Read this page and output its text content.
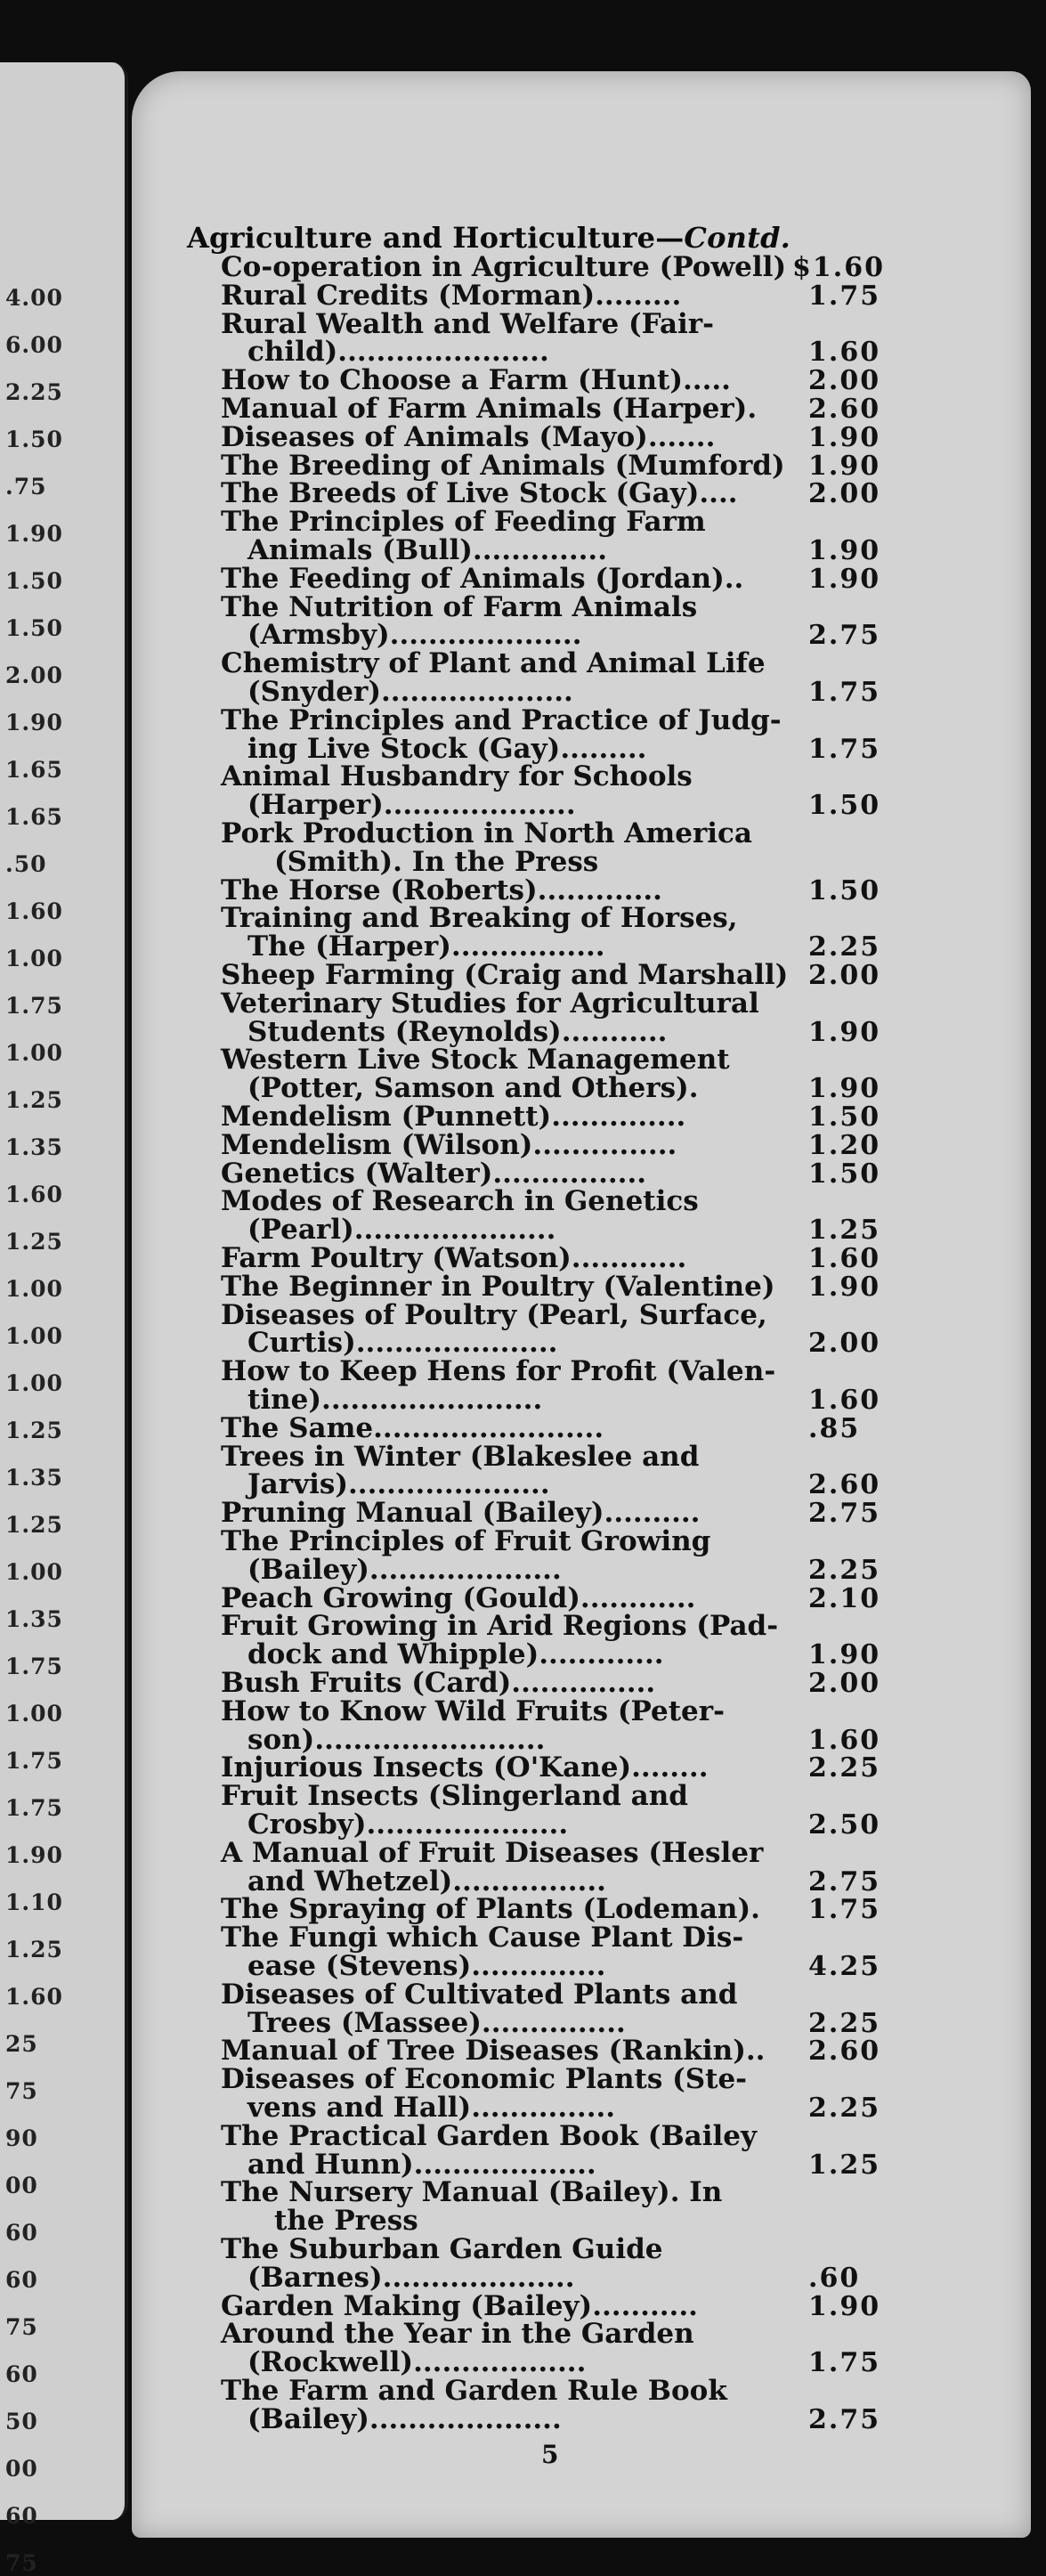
4.00
6.00
2.25
1.50
.75
1.90
1.50
1.50
2.00
1.90
1.65
1.65
.50
1.60
1.00
1.75
1.00
1.25
1.35
1.60
1.25
1.00
1.00
1.00
1.25
1.35
1.25
1.00
1.35
1.75
1.00
1.75
1.75
1.90
1.10
1.25
1.60
25
75
90
00
60
60
75
60
50
00
60
75
Agriculture and Horticulture—Contd.
5
Co-operation in Agriculture (Powell) $1.60
Rural Credits (Morman).........	1.75
Rural Wealth and Welfare (Fair-
child)......................	1.60
How to Choose a Farm (Hunt).....	2.00
Manual of Farm Animals (Harper). 2.60
Diseases of Animals (Mayo).......	1.90
The Breeding of Animals (Mumford) 1.90
The Breeds of Live Stock (Gay)....	2.00
The Principles of Feeding Farm
Animals (Bull)..............	1.90
The Feeding of Animals (Jordan).. 1.90
The Nutrition of Farm Animals
(Armsby)....................	2.75
Chemistry of Plant and Animal Life
(Snyder)....................	1.75
The Principles and Practice of Judg-
ing Live Stock (Gay).........	1.75
Animal Husbandry for Schools
(Harper)....................	1.50
Pork Production in North America
(Smith). In the Press
The Horse (Roberts).............	1.50
Training and Breaking of Horses,
The (Harper)................	2.25
Sheep Farming (Craig and Marshall) 2.00
Veterinary Studies for Agricultural
Students (Reynolds)...........	1.90
Western Live Stock Management
(Potter, Samson and Others).	1.90
Mendelism (Punnett)..............	1.50
Mendelism (Wilson)...............	1.20
Genetics (Walter)................	1.50
Modes of Research in Genetics
(Pearl).....................	1.25
Farm Poultry (Watson)............	1.60
The Beginner in Poultry (Valentine) 1.90
Diseases of Poultry (Pearl, Surface,
Curtis).....................	2.00
How to Keep Hens for Profit (Valen-
tine).......................	1.60
The Same........................	.85
Trees in Winter (Blakeslee and
Jarvis).....................	2.60
Pruning Manual (Bailey)..........	2.75
The Principles of Fruit Growing
(Bailey)....................	2.25
Peach Growing (Gould)............	2.10
Fruit Growing in Arid Regions (Pad-
dock and Whipple).............	1.90
Bush Fruits (Card)...............	2.00
How to Know Wild Fruits (Peter-
son)........................	1.60
Injurious Insects (O'Kane)........	2.25
Fruit Insects (Slingerland and
Crosby).....................	2.50
A Manual of Fruit Diseases (Hesler
and Whetzel)................	2.75
The Spraying of Plants (Lodeman). 1.75
The Fungi which Cause Plant Dis-
ease (Stevens)..............	4.25
Diseases of Cultivated Plants and
Trees (Massee)...............	2.25
Manual of Tree Diseases (Rankin).. 2.60
Diseases of Economic Plants (Ste-
vens and Hall)...............	2.25
The Practical Garden Book (Bailey
and Hunn)...................	1.25
The Nursery Manual (Bailey). In
the Press
The Suburban Garden Guide
(Barnes)....................	.60
Garden Making (Bailey)...........	1.90
Around the Year in the Garden
(Rockwell)..................	1.75
The Farm and Garden Rule Book
(Bailey)....................	2.75
